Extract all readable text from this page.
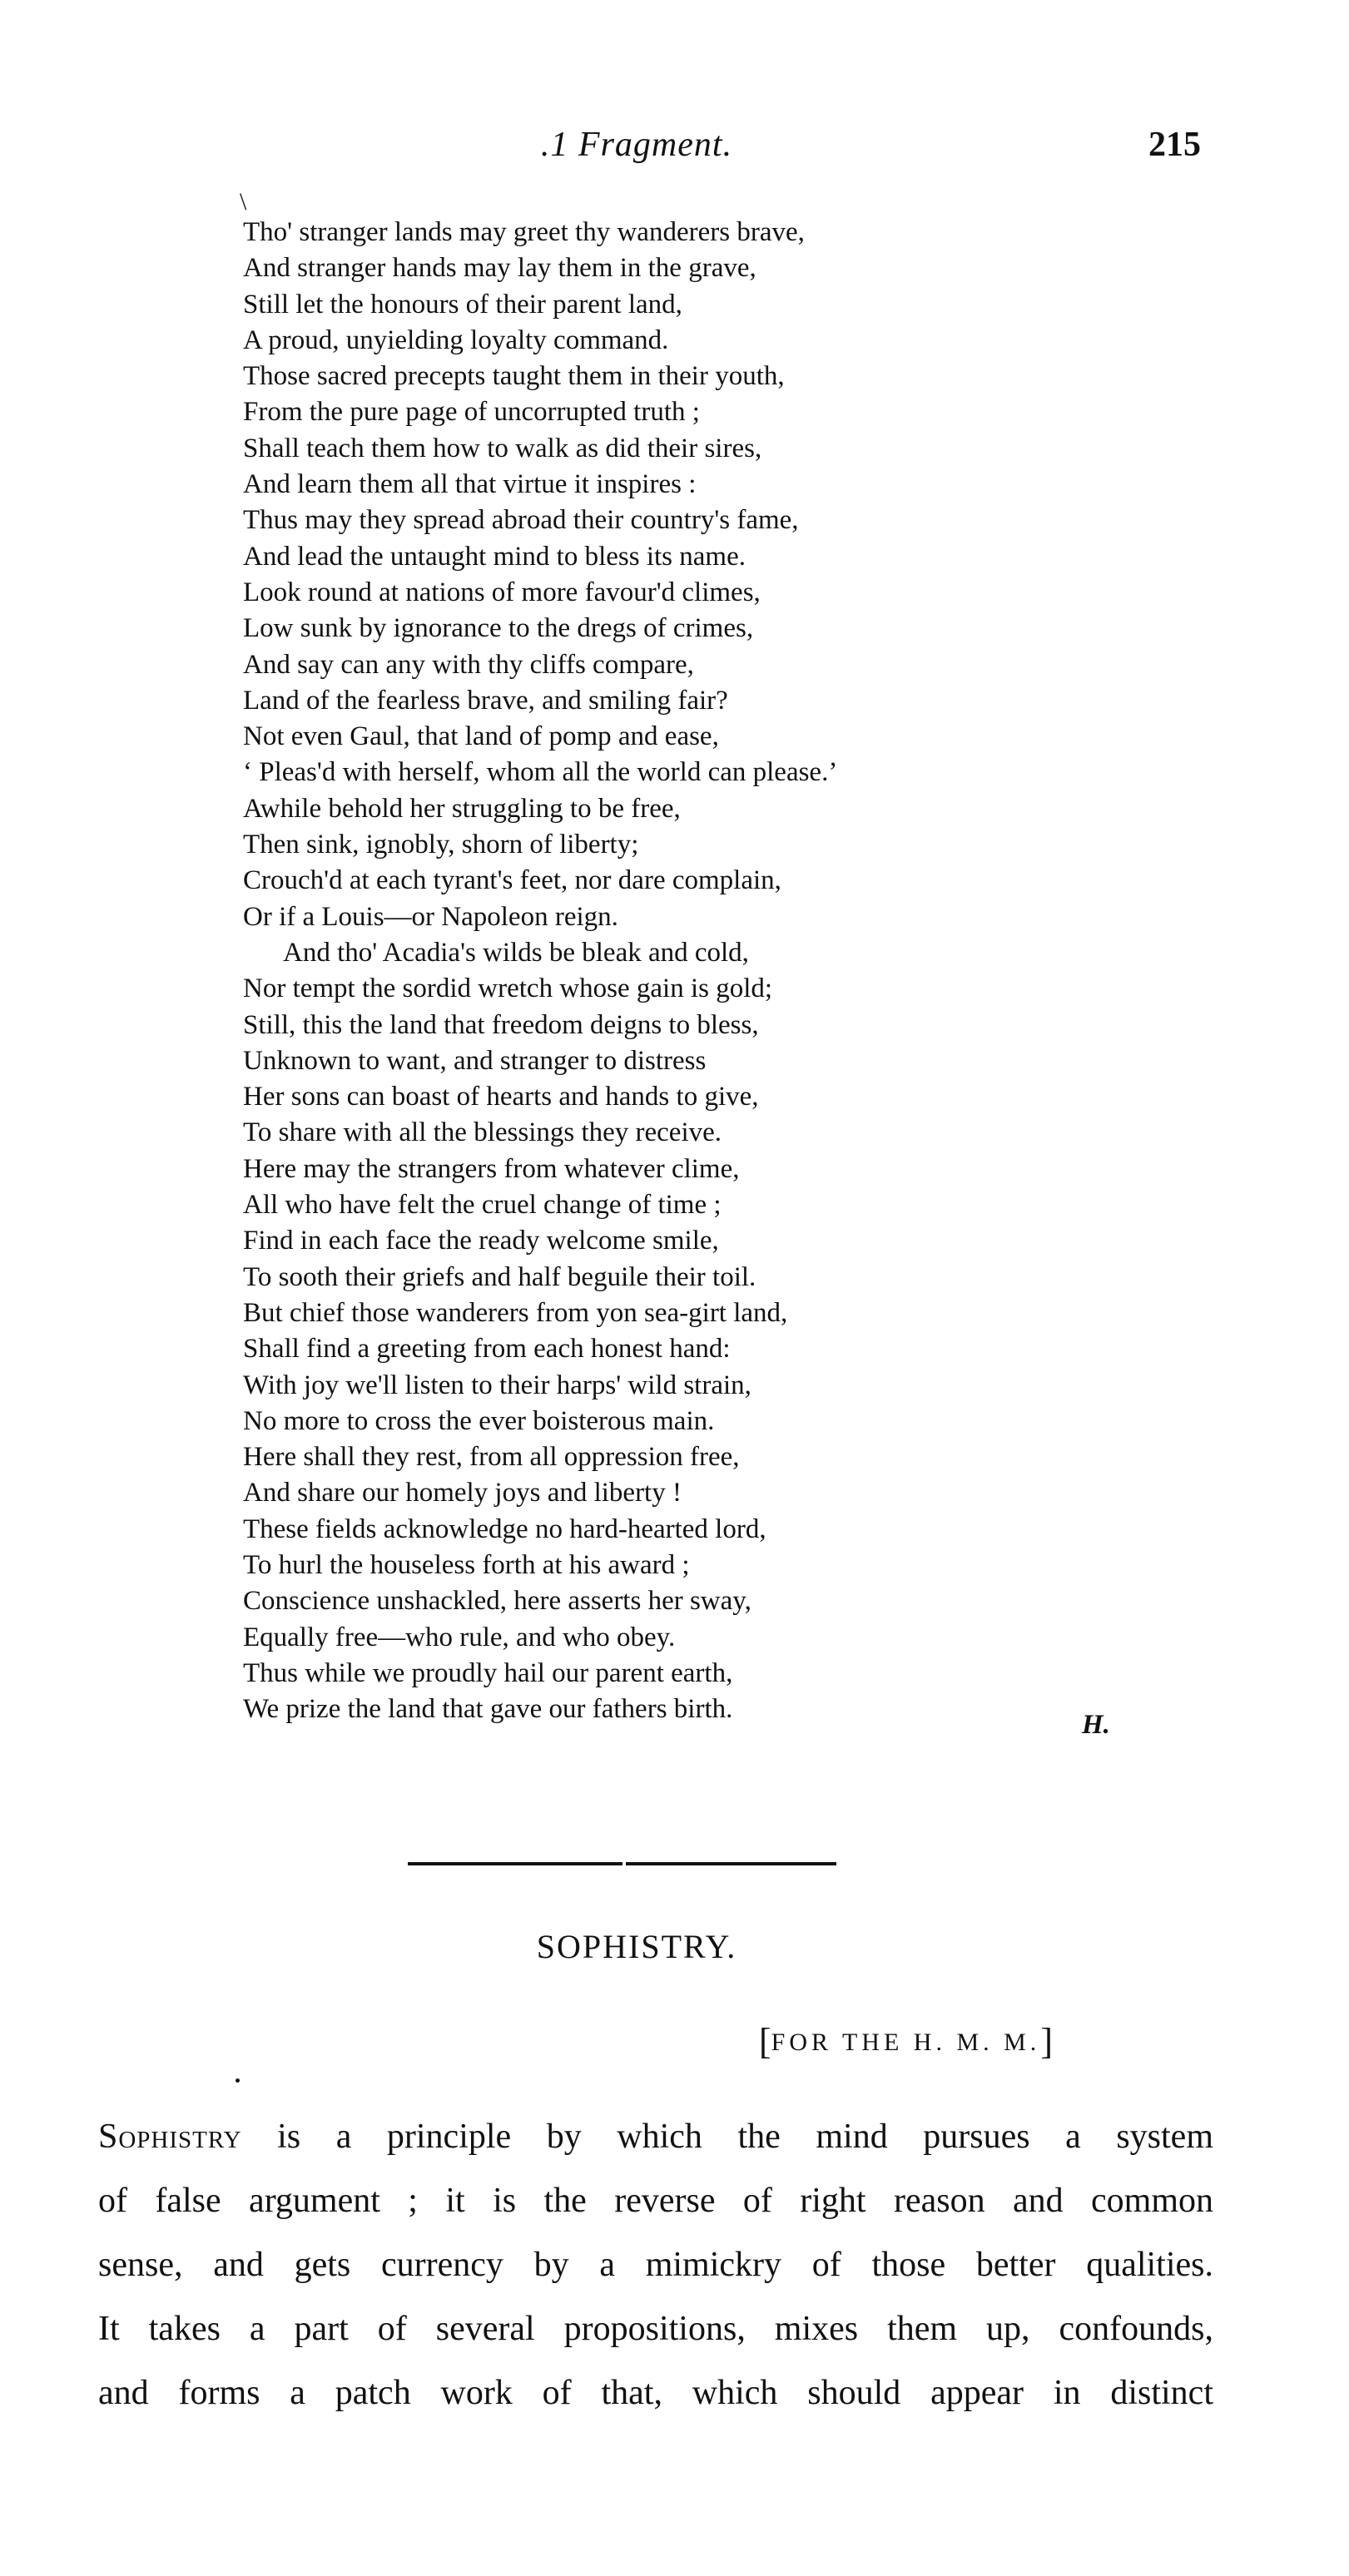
.1 Fragment.	215
\
Tho' stranger lands may greet thy wanderers brave,
And stranger hands may lay them in the grave,
Still let the honours of their parent land,
A proud, unyielding loyalty command.
Those sacred precepts taught them in their youth,
From the pure page of uncorrupted truth ;
Shall teach them how to walk as did their sires,
And learn them all that virtue it inspires :
Thus may they spread abroad their country's fame,
And lead the untaught mind to bless its name.
Look round at nations of more favour'd climes,
Low sunk by ignorance to the dregs of crimes,
And say can any with thy cliffs compare,
Land of the fearless brave, and smiling fair?
Not even Gaul, that land of pomp and ease,
‘ Pleas'd with herself, whom all the world can please.’
Awhile behold her struggling to be free,
Then sink, ignobly, shorn of liberty;
Crouch'd at each tyrant's feet, nor dare complain,
Or if a Louis—or Napoleon reign.
And tho' Acadia's wilds be bleak and cold,
Nor tempt the sordid wretch whose gain is gold;
Still, this the land that freedom deigns to bless,
Unknown to want, and stranger to distress
Her sons can boast of hearts and hands to give,
To share with all the blessings they receive.
Here may the strangers from whatever clime,
All who have felt the cruel change of time ;
Find in each face the ready welcome smile,
To sooth their griefs and half beguile their toil.
But chief those wanderers from yon sea-girt land,
Shall find a greeting from each honest hand:
With joy we'll listen to their harps' wild strain,
No more to cross the ever boisterous main.
Here shall they rest, from all oppression free,
And share our homely joys and liberty !
These fields acknowledge no hard-hearted lord,
To hurl the houseless forth at his award ;
Conscience unshackled, here asserts her sway,
Equally free—who rule, and who obey.
Thus while we proudly hail our parent earth,
We prize the land that gave our fathers birth.
H.
SOPHISTRY.
[FOR THE H. M. M.]
Sophistry is a principle by which the mind pursues a system
of false argument ; it is the reverse of right reason and common
sense, and gets currency by a mimickry of those better qualities.
It takes a part of several propositions, mixes them up, confounds,
and forms a patch work of that, which should appear in distinct
